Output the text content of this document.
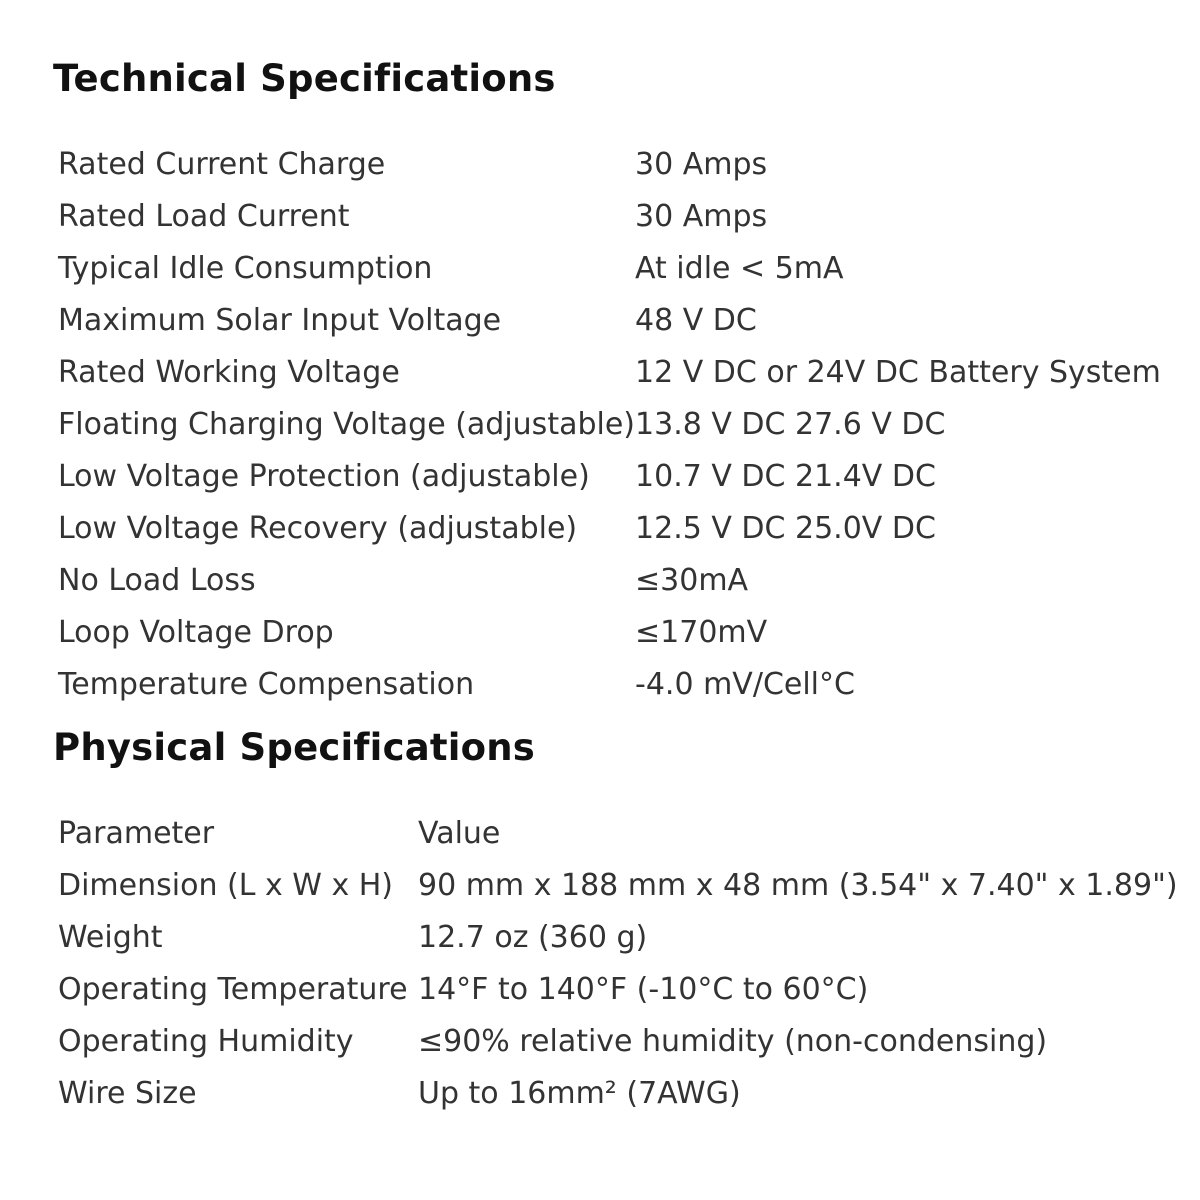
Technical Specifications
Rated Current Charge	30 Amps
Rated Load Current	30 Amps
Typical Idle Consumption	At idle < 5mA
Maximum Solar Input Voltage	48 V DC
Rated Working Voltage	12 V DC or 24V DC Battery System
Floating Charging Voltage (adjustable)	13.8 V DC 27.6 V DC
Low Voltage Protection (adjustable)	10.7 V DC 21.4V DC
Low Voltage Recovery (adjustable)	12.5 V DC 25.0V DC
No Load Loss	≤30mA
Loop Voltage Drop	≤170mV
Temperature Compensation	-4.0 mV/Cell°C
Physical Specifications
Parameter	Value
Dimension (L x W x H)	90 mm x 188 mm x 48 mm (3.54" x 7.40" x 1.89")
Weight	12.7 oz (360 g)
Operating Temperature	14°F to 140°F (-10°C to 60°C)
Operating Humidity	≤90% relative humidity (non-condensing)
Wire Size	Up to 16mm² (7AWG)
